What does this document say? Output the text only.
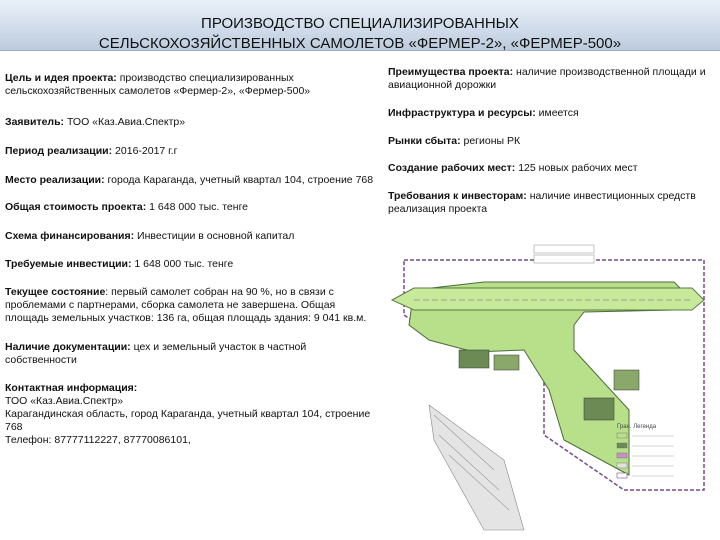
ПРОИЗВОДСТВО СПЕЦИАЛИЗИРОВАННЫХ
СЕЛЬСКОХОЗЯЙСТВЕННЫХ САМОЛЕТОВ «ФЕРМЕР-2», «ФЕРМЕР-500»

Цель и идея проекта: производство специализированных сельскохозяйственных самолетов «Фермер-2», «Фермер-500»

Заявитель: ТОО «Каз.Авиа.Спектр»

Период реализации: 2016-2017 г.г

Место реализации: города Караганда, учетный квартал 104, строение 768

Общая стоимость проекта: 1 648 000 тыс. тенге

Схема финансирования: Инвестиции в основной капитал

Требуемые инвестиции: 1 648 000 тыс. тенге

Текущее состояние: первый самолет собран на 90 %, но в связи с проблемами с партнерами, сборка самолета не завершена. Общая площадь земельных участков: 136 га, общая площадь здания: 9 041 кв.м.

Наличие документации: цех и земельный участок в частной собственности

Контактная информация:

ТОО «Каз.Авиа.Спектр»

Карагандинская область, город Караганда, учетный квартал 104, строение 768

Телефон: 87777112227, 87770086101,

Преимущества проекта: наличие производственной площади и авиационной дорожки

Инфраструктура и ресурсы: имеется

Рынки сбыта: регионы РК

Создание рабочих мест: 125 новых рабочих мест

Требования к инвесторам: наличие инвестиционных средств реализация проекта

Гран. Легенда
